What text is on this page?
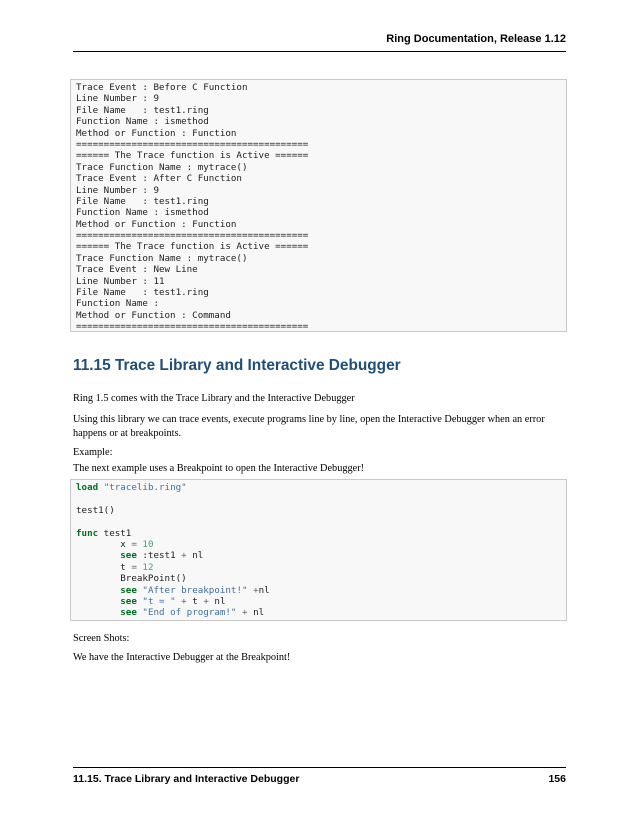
Ring Documentation, Release 1.12
Trace Event : Before C Function
Line Number : 9
File Name   : test1.ring
Function Name : ismethod
Method or Function : Function
==========================================
====== The Trace function is Active ======
Trace Function Name : mytrace()
Trace Event : After C Function
Line Number : 9
File Name   : test1.ring
Function Name : ismethod
Method or Function : Function
==========================================
====== The Trace function is Active ======
Trace Function Name : mytrace()
Trace Event : New Line
Line Number : 11
File Name   : test1.ring
Function Name :
Method or Function : Command
==========================================
11.15 Trace Library and Interactive Debugger

Ring 1.5 comes with the Trace Library and the Interactive Debugger

Using this library we can trace events, execute programs line by line, open the Interactive Debugger when an error happens or at breakpoints.

Example:

The next example uses a Breakpoint to open the Interactive Debugger!

load "tracelib.ring"
test1()
func test1
x = 10
see :test1 + nl
t = 12
BreakPoint()
see "After breakpoint!" +nl
see "t = " + t + nl
see "End of program!" + nl

Screen Shots:

We have the Interactive Debugger at the Breakpoint!

11.15. Trace Library and Interactive Debugger	156
